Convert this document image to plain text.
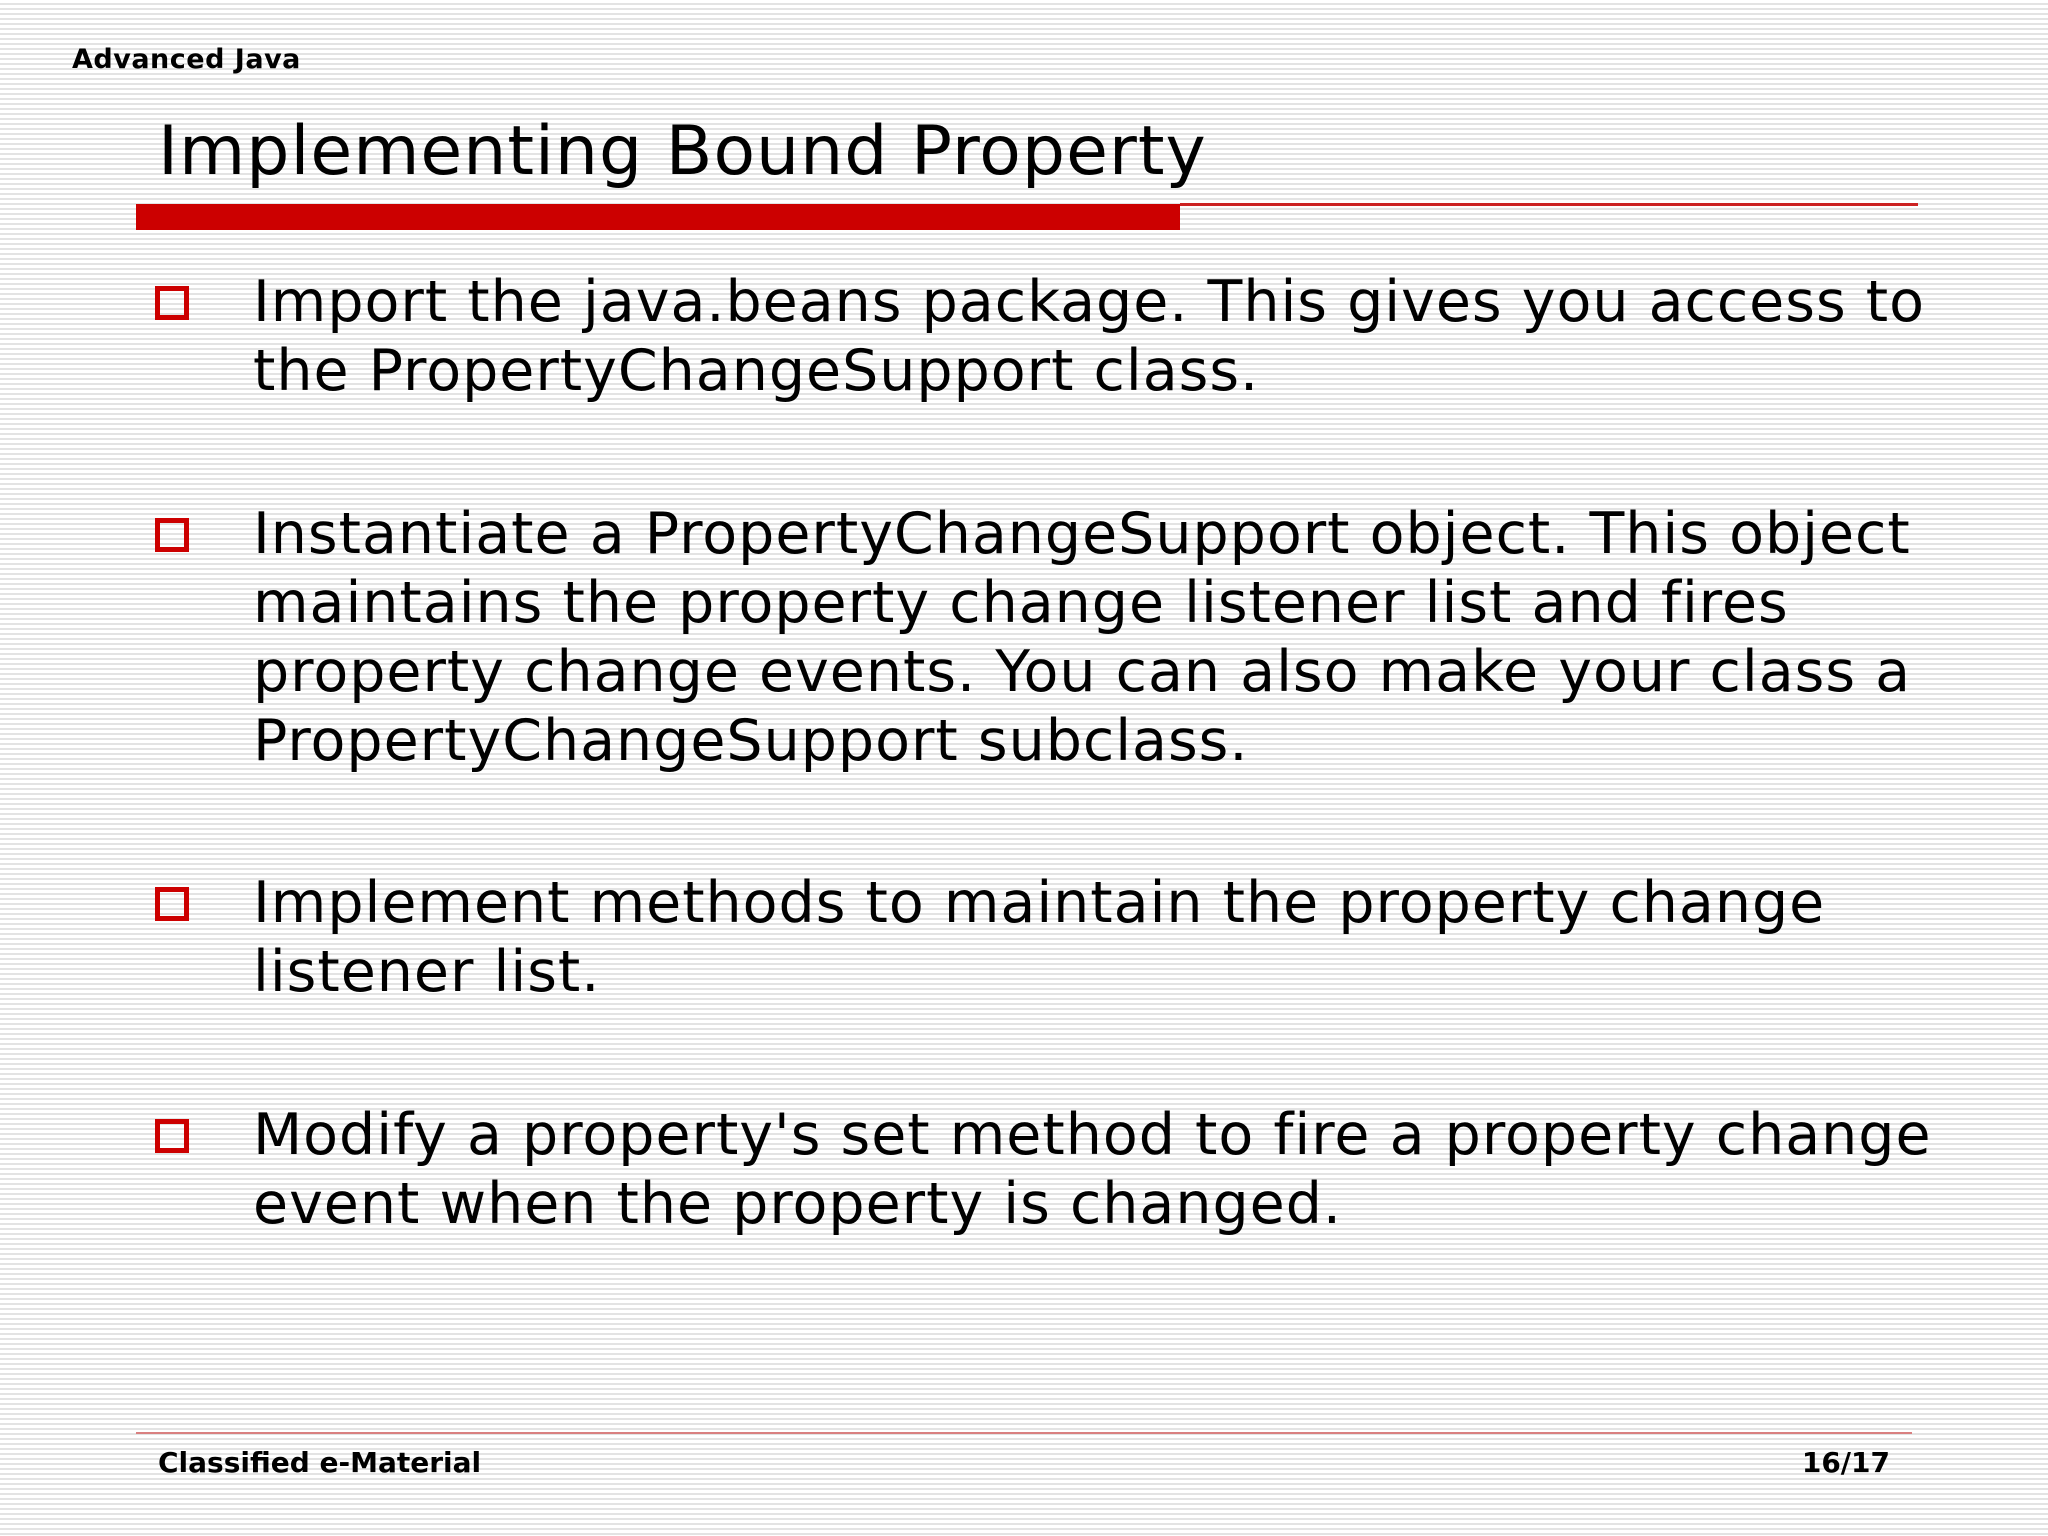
Advanced Java
Implementing Bound Property
Import the java.beans package. This gives you access to the PropertyChangeSupport class.
Instantiate a PropertyChangeSupport object. This object maintains the property change listener list and fires property change events. You can also make your class a PropertyChangeSupport subclass.
Implement methods to maintain the property change listener list.
Modify a property's set method to fire a property change event when the property is changed.
Classified e-Material	16/17
